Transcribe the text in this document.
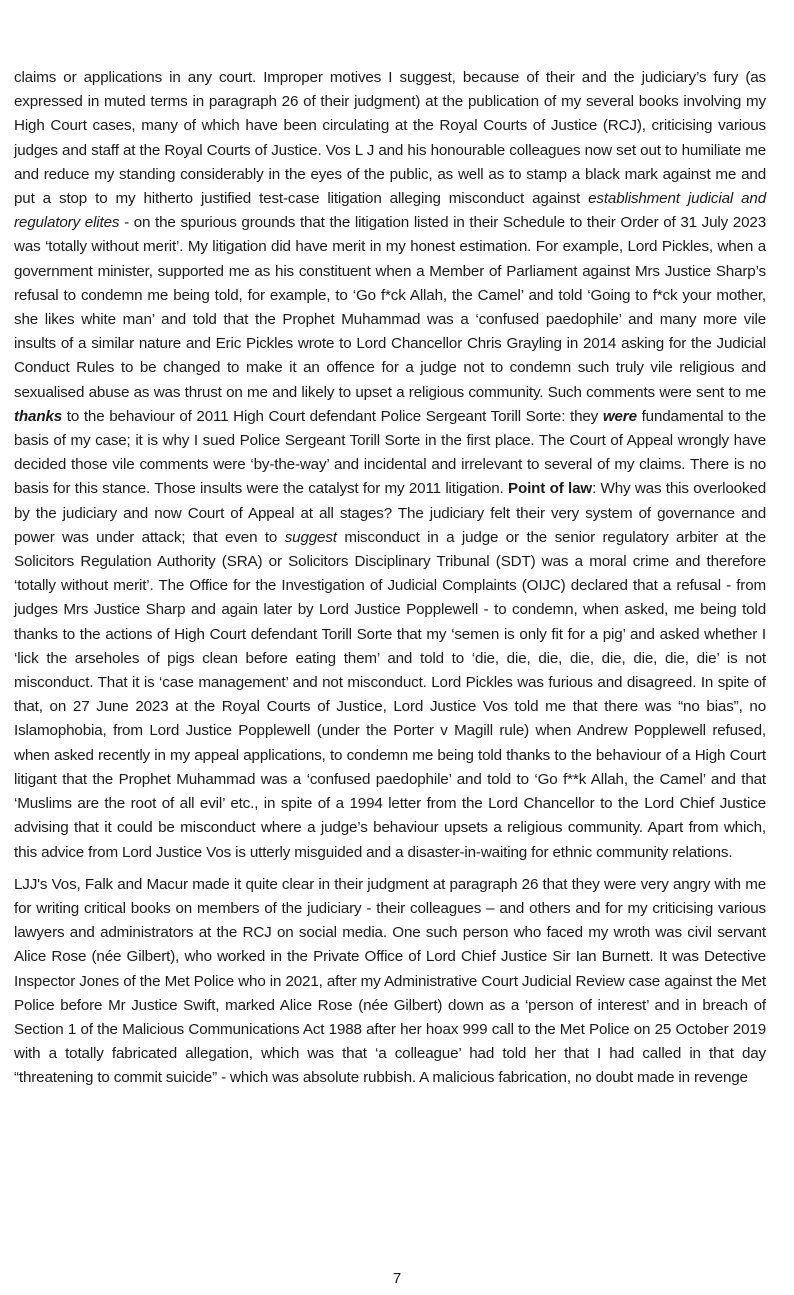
claims or applications in any court. Improper motives I suggest, because of their and the judiciary’s fury (as expressed in muted terms in paragraph 26 of their judgment) at the publication of my several books involving my High Court cases, many of which have been circulating at the Royal Courts of Justice (RCJ), criticising various judges and staff at the Royal Courts of Justice. Vos L J and his honourable colleagues now set out to humiliate me and reduce my standing considerably in the eyes of the public, as well as to stamp a black mark against me and put a stop to my hitherto justified test-case litigation alleging misconduct against establishment judicial and regulatory elites - on the spurious grounds that the litigation listed in their Schedule to their Order of 31 July 2023 was ‘totally without merit’. My litigation did have merit in my honest estimation. For example, Lord Pickles, when a government minister, supported me as his constituent when a Member of Parliament against Mrs Justice Sharp’s refusal to condemn me being told, for example, to ‘Go f*ck Allah, the Camel’ and told ‘Going to f*ck your mother, she likes white man’ and told that the Prophet Muhammad was a ‘confused paedophile’ and many more vile insults of a similar nature and Eric Pickles wrote to Lord Chancellor Chris Grayling in 2014 asking for the Judicial Conduct Rules to be changed to make it an offence for a judge not to condemn such truly vile religious and sexualised abuse as was thrust on me and likely to upset a religious community. Such comments were sent to me thanks to the behaviour of 2011 High Court defendant Police Sergeant Torill Sorte: they were fundamental to the basis of my case; it is why I sued Police Sergeant Torill Sorte in the first place. The Court of Appeal wrongly have decided those vile comments were ‘by-the-way’ and incidental and irrelevant to several of my claims. There is no basis for this stance. Those insults were the catalyst for my 2011 litigation. Point of law: Why was this overlooked by the judiciary and now Court of Appeal at all stages? The judiciary felt their very system of governance and power was under attack; that even to suggest misconduct in a judge or the senior regulatory arbiter at the Solicitors Regulation Authority (SRA) or Solicitors Disciplinary Tribunal (SDT) was a moral crime and therefore ‘totally without merit’. The Office for the Investigation of Judicial Complaints (OIJC) declared that a refusal - from judges Mrs Justice Sharp and again later by Lord Justice Popplewell - to condemn, when asked, me being told thanks to the actions of High Court defendant Torill Sorte that my ‘semen is only fit for a pig’ and asked whether I ‘lick the arseholes of pigs clean before eating them’ and told to ‘die, die, die, die, die, die, die, die’ is not misconduct. That it is ‘case management’ and not misconduct. Lord Pickles was furious and disagreed. In spite of that, on 27 June 2023 at the Royal Courts of Justice, Lord Justice Vos told me that there was “no bias”, no Islamophobia, from Lord Justice Popplewell (under the Porter v Magill rule) when Andrew Popplewell refused, when asked recently in my appeal applications, to condemn me being told thanks to the behaviour of a High Court litigant that the Prophet Muhammad was a ‘confused paedophile’ and told to ‘Go f**k Allah, the Camel’ and that ‘Muslims are the root of all evil’ etc., in spite of a 1994 letter from the Lord Chancellor to the Lord Chief Justice advising that it could be misconduct where a judge’s behaviour upsets a religious community. Apart from which, this advice from Lord Justice Vos is utterly misguided and a disaster-in-waiting for ethnic community relations.

LJJ's Vos, Falk and Macur made it quite clear in their judgment at paragraph 26 that they were very angry with me for writing critical books on members of the judiciary - their colleagues – and others and for my criticising various lawyers and administrators at the RCJ on social media. One such person who faced my wroth was civil servant Alice Rose (née Gilbert), who worked in the Private Office of Lord Chief Justice Sir Ian Burnett. It was Detective Inspector Jones of the Met Police who in 2021, after my Administrative Court Judicial Review case against the Met Police before Mr Justice Swift, marked Alice Rose (née Gilbert) down as a ‘person of interest’ and in breach of Section 1 of the Malicious Communications Act 1988 after her hoax 999 call to the Met Police on 25 October 2019 with a totally fabricated allegation, which was that ‘a colleague’ had told her that I had called in that day “threatening to commit suicide” - which was absolute rubbish. A malicious fabrication, no doubt made in revenge

7
